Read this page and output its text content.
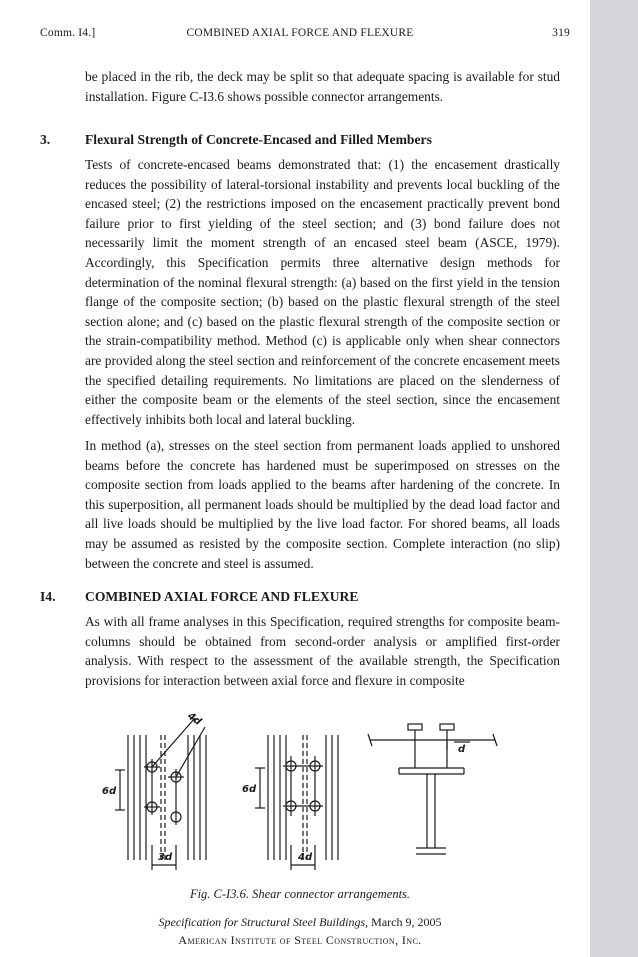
Comm. I4.]	COMBINED AXIAL FORCE AND FLEXURE	319

be placed in the rib, the deck may be split so that adequate spacing is available for stud installation. Figure C-I3.6 shows possible connector arrangements.

3.	Flexural Strength of Concrete-Encased and Filled Members

Tests of concrete-encased beams demonstrated that: (1) the encasement drastically reduces the possibility of lateral-torsional instability and prevents local buckling of the encased steel; (2) the restrictions imposed on the encasement practically prevent bond failure prior to first yielding of the steel section; and (3) bond failure does not necessarily limit the moment strength of an encased steel beam (ASCE, 1979). Accordingly, this Specification permits three alternative design methods for determination of the nominal flexural strength: (a) based on the first yield in the tension flange of the composite section; (b) based on the plastic flexural strength of the steel section alone; and (c) based on the plastic flexural strength of the composite section or the strain-compatibility method. Method (c) is applicable only when shear connectors are provided along the steel section and reinforcement of the concrete encasement meets the specified detailing requirements. No limitations are placed on the slenderness of either the composite beam or the elements of the steel section, since the encasement effectively inhibits both local and lateral buckling.

In method (a), stresses on the steel section from permanent loads applied to unshored beams before the concrete has hardened must be superimposed on stresses on the composite section from loads applied to the beams after hardening of the concrete. In this superposition, all permanent loads should be multiplied by the dead load factor and all live loads should be multiplied by the live load factor. For shored beams, all loads may be assumed as resisted by the composite section. Complete interaction (no slip) between the concrete and steel is assumed.

I4. COMBINED AXIAL FORCE AND FLEXURE

As with all frame analyses in this Specification, required strengths for composite beam-columns should be obtained from second-order analysis or amplified first-order analysis. With respect to the assessment of the available strength, the Specification provisions for interaction between axial force and flexure in composite

6d
3d
4d
6d
4d
d
Fig. C-I3.6. Shear connector arrangements.
Specification for Structural Steel Buildings, March 9, 2005
American Institute of Steel Construction, Inc.
